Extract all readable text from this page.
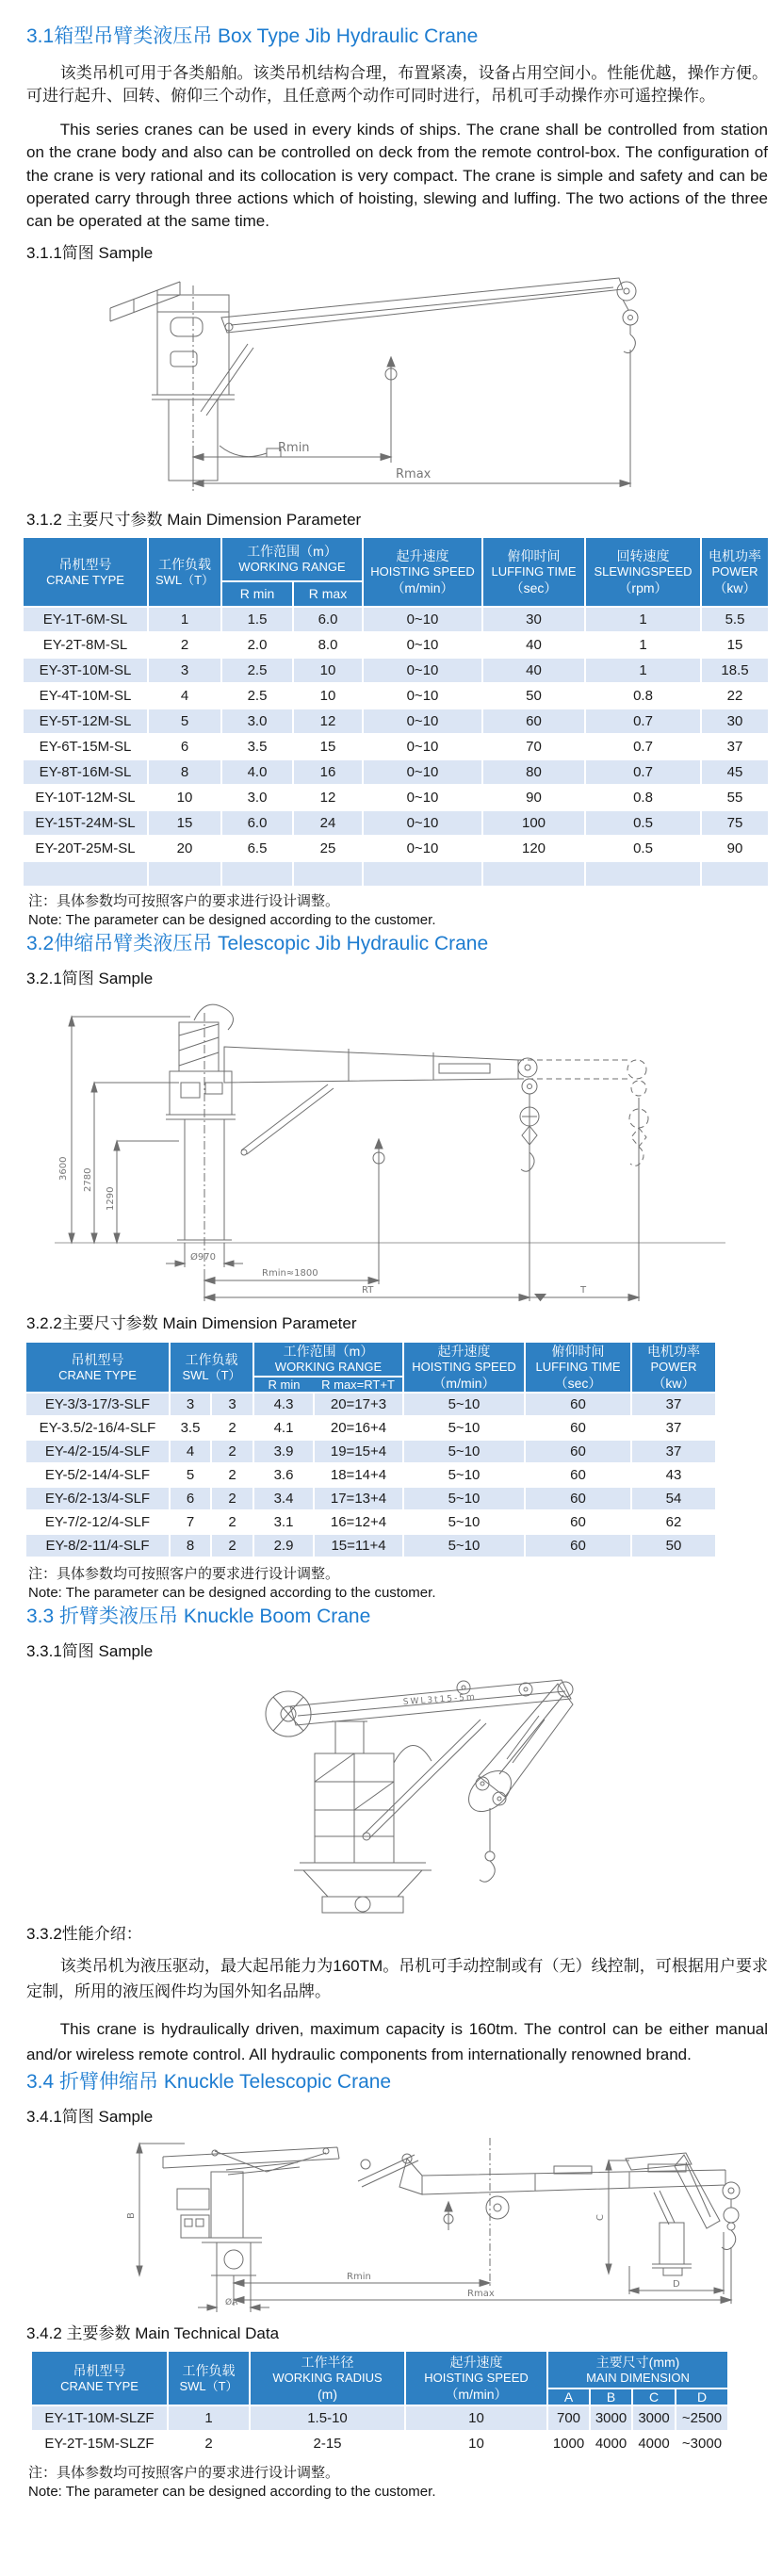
3.1箱型吊臂类液压吊 Box Type Jib Hydraulic Crane

该类吊机可用于各类船舶。该类吊机结构合理，布置紧凑，设备占用空间小。性能优越，操作方便。可进行起升、回转、俯仰三个动作，且任意两个动作可同时进行，吊机可手动操作亦可遥控操作。

This series cranes can be used in every kinds of ships. The crane shall be controlled from station on the crane body and also can be controlled on deck from the remote control-box. The configuration of the crane is very rational and its collocation is very compact. The crane is simple and safety and can be operated carry through three actions which of hoisting, slewing and luffing. The two actions of the three can be operated at the same time.

3.1.1简图 Sample
Rmin
Rmax
3.1.2 主要尺寸参数 Main Dimension Parameter
吊机型号
CRANE TYPE

工作负载
SWL（T）

工作范围（m）
WORKING RANGE

起升速度
HOISTING SPEED
（m/min）

俯仰时间
LUFFING TIME
（sec）

回转速度
SLEWINGSPEED
（rpm）

电机功率
POWER
（kw）

		R min	R max				
EY-1T-6M-SL	1	1.5	6.0	0~10	30	1	5.5
EY-2T-8M-SL	2	2.0	8.0	0~10	40	1	15
EY-3T-10M-SL	3	2.5	10	0~10	40	1	18.5
EY-4T-10M-SL	4	2.5	10	0~10	50	0.8	22
EY-5T-12M-SL	5	3.0	12	0~10	60	0.7	30
EY-6T-15M-SL	6	3.5	15	0~10	70	0.7	37
EY-8T-16M-SL	8	4.0	16	0~10	80	0.7	45
EY-10T-12M-SL	10	3.0	12	0~10	90	0.8	55
EY-15T-24M-SL	15	6.0	24	0~10	100	0.5	75
EY-20T-25M-SL	20	6.5	25	0~10	120	0.5	90

注：具体参数均可按照客户的要求进行设计调整。
Note: The parameter can be designed according to the customer.
3.2伸缩吊臂类液压吊 Telescopic Jib Hydraulic Crane
3.2.1简图 Sample
3600 2780
1290
Ø970
Rmin≈1800
RT	T
3.2.2主要尺寸参数 Main Dimension Parameter
吊机型号
CRANE TYPE

工作负载
SWL（T）

工作范围（m）
WORKING RANGE

起升速度
HOISTING SPEED
（m/min）

俯仰时间
LUFFING TIME
（sec）

电机功率
POWER
（kw）

			R min	R max=RT+T			
EY-3/3-17/3-SLF	3	3	4.3	20=17+3	5~10	60	37
EY-3.5/2-16/4-SLF	3.5	2	4.1	20=16+4	5~10	60	37
EY-4/2-15/4-SLF	4	2	3.9	19=15+4	5~10	60	37
EY-5/2-14/4-SLF	5	2	3.6	18=14+4	5~10	60	43
EY-6/2-13/4-SLF	6	2	3.4	17=13+4	5~10	60	54
EY-7/2-12/4-SLF	7	2	3.1	16=12+4	5~10	60	62
EY-8/2-11/4-SLF	8	2	2.9	15=11+4	5~10	60	50
注：具体参数均可按照客户的要求进行设计调整。
Note: The parameter can be designed according to the customer.
3.3 折臂类液压吊 Knuckle Boom Crane
3.3.1简图 Sample
SWL3t15-5m
3.3.2性能介绍：

该类吊机为液压驱动，最大起吊能力为160TM。吊机可手动控制或有（无）线控制，可根据用户要求定制，所用的液压阀件均为国外知名品牌。

This crane is hydraulically driven, maximum capacity is 160tm. The control can be either manual and/or wireless remote control. All hydraulic components from internationally renowned brand.

3.4 折臂伸缩吊 Knuckle Telescopic Crane
3.4.1简图 Sample
B
ØA
Rmin
Rmax
C
D
3.4.2 主要参数 Main Technical Data
吊机型号
CRANE TYPE

工作负载
SWL（T）

工作半径
WORKING RADIUS
(m)

起升速度
HOISTING SPEED
（m/min）

主要尺寸(mm)
MAIN DIMENSION

				A	B	C	D
EY-1T-10M-SLZF	1	1.5-10	10	700	3000	3000	~2500
EY-2T-15M-SLZF	2	2-15	10	1000	4000	4000	~3000
注：具体参数均可按照客户的要求进行设计调整。
Note: The parameter can be designed according to the customer.
